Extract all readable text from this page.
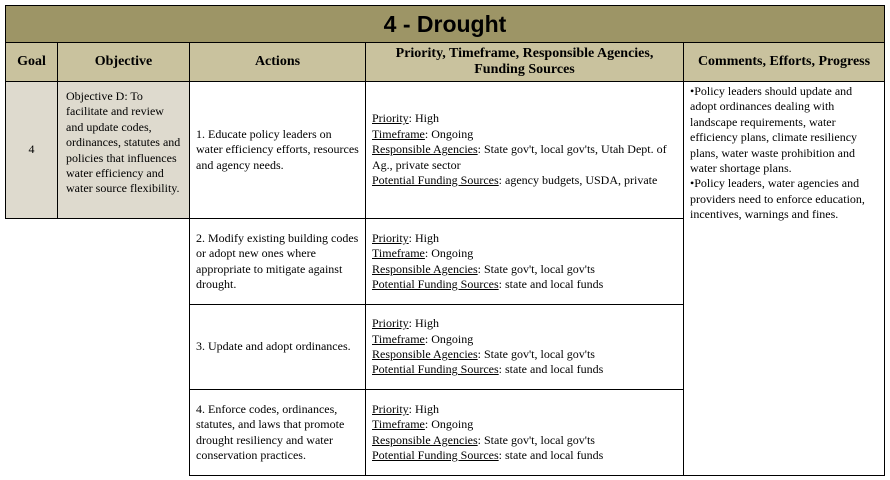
4 - Drought
Goal	Objective	Actions
Priority, Timeframe, Responsible Agencies, Funding Sources
Comments, Efforts, Progress
4
Objective D: To facilitate and review and update codes, ordinances, statutes and policies that influences water efficiency and water source flexibility.
1. Educate policy leaders on water efficiency efforts, resources and agency needs.
Priority: High
Timeframe: Ongoing
Responsible Agencies: State gov't, local gov'ts, Utah Dept. of Ag., private sector
Potential Funding Sources: agency budgets, USDA, private
2. Modify existing building codes or adopt new ones where appropriate to mitigate against drought.
Priority: High
Timeframe: Ongoing
Responsible Agencies: State gov't, local gov'ts
Potential Funding Sources: state and local funds
3. Update and adopt ordinances.
Priority: High
Timeframe: Ongoing
Responsible Agencies: State gov't, local gov'ts
Potential Funding Sources: state and local funds
4. Enforce codes, ordinances, statutes, and laws that promote drought resiliency and water conservation practices.
Priority: High
Timeframe: Ongoing
Responsible Agencies: State gov't, local gov'ts
Potential Funding Sources: state and local funds
•Policy leaders should update and adopt ordinances dealing with landscape requirements, water efficiency plans, climate resiliency plans, water waste prohibition and water shortage plans.
•Policy leaders, water agencies and providers need to enforce education, incentives, warnings and fines.
